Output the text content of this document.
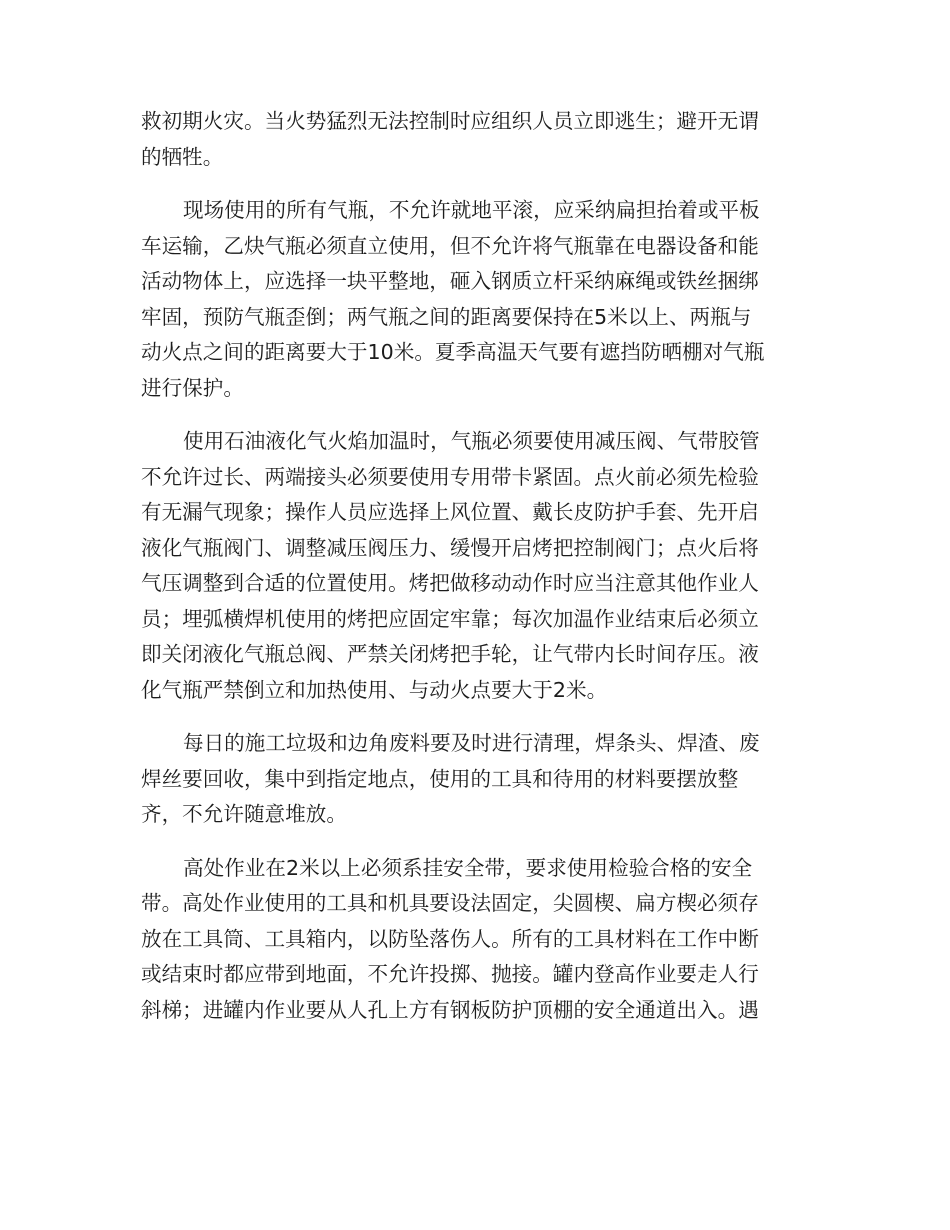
救初期火灾。当火势猛烈无法控制时应组织人员立即逃生；避开无谓
的牺牲。
现场使用的所有气瓶，不允许就地平滚，应采纳扁担抬着或平板
车运输，乙炔气瓶必须直立使用，但不允许将气瓶靠在电器设备和能
活动物体上，应选择一块平整地，砸入钢质立杆采纳麻绳或铁丝捆绑
牢固，预防气瓶歪倒；两气瓶之间的距离要保持在5米以上、两瓶与
动火点之间的距离要大于10米。夏季高温天气要有遮挡防晒棚对气瓶
进行保护。
使用石油液化气火焰加温时，气瓶必须要使用减压阀、气带胶管
不允许过长、两端接头必须要使用专用带卡紧固。点火前必须先检验
有无漏气现象；操作人员应选择上风位置、戴长皮防护手套、先开启
液化气瓶阀门、调整减压阀压力、缓慢开启烤把控制阀门；点火后将
气压调整到合适的位置使用。烤把做移动动作时应当注意其他作业人
员；埋弧横焊机使用的烤把应固定牢靠；每次加温作业结束后必须立
即关闭液化气瓶总阀、严禁关闭烤把手轮，让气带内长时间存压。液
化气瓶严禁倒立和加热使用、与动火点要大于2米。
每日的施工垃圾和边角废料要及时进行清理，焊条头、焊渣、废
焊丝要回收，集中到指定地点，使用的工具和待用的材料要摆放整
齐，不允许随意堆放。
高处作业在2米以上必须系挂安全带，要求使用检验合格的安全
带。高处作业使用的工具和机具要设法固定，尖圆楔、扁方楔必须存
放在工具筒、工具箱内，以防坠落伤人。所有的工具材料在工作中断
或结束时都应带到地面，不允许投掷、抛接。罐内登高作业要走人行
斜梯；进罐内作业要从人孔上方有钢板防护顶棚的安全通道出入。遇
